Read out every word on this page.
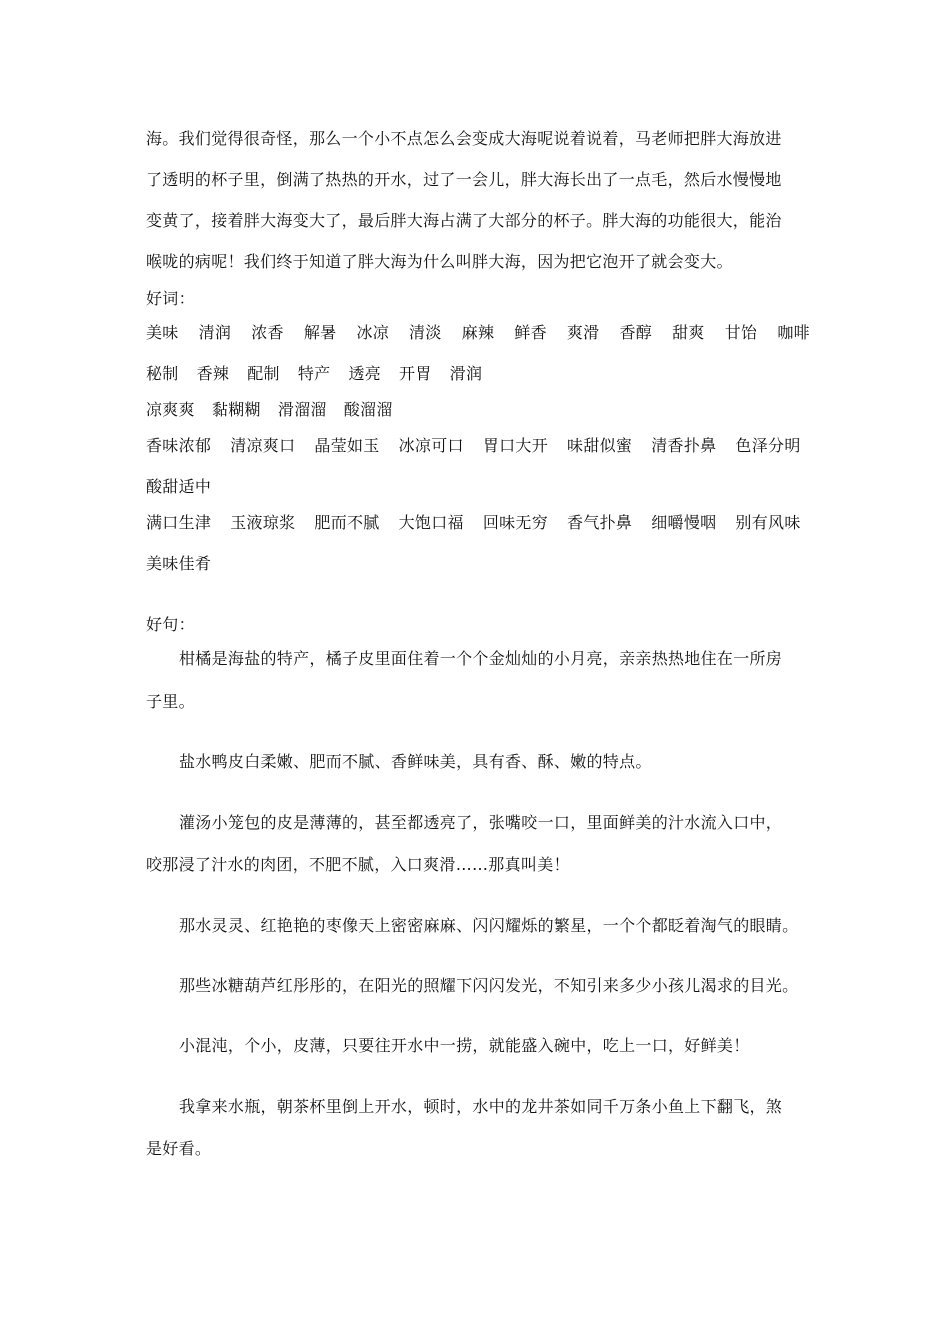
海。我们觉得很奇怪，那么一个小不点怎么会变成大海呢说着说着，马老师把胖大海放进

了透明的杯子里，倒满了热热的开水，过了一会儿，胖大海长出了一点毛，然后水慢慢地

变黄了，接着胖大海变大了，最后胖大海占满了大部分的杯子。胖大海的功能很大，能治

喉咙的病呢！我们终于知道了胖大海为什么叫胖大海，因为把它泡开了就会变大。

好词：

美味 清润 浓香 解暑 冰凉 清淡 麻辣 鲜香 爽滑 香醇 甜爽 甘饴 咖啡
秘制 香辣 配制 特产 透亮 开胃 滑润
凉爽爽 黏糊糊 滑溜溜 酸溜溜
香味浓郁 清凉爽口 晶莹如玉 冰凉可口 胃口大开 味甜似蜜 清香扑鼻 色泽分明
酸甜适中
满口生津 玉液琼浆 肥而不腻 大饱口福 回味无穷 香气扑鼻 细嚼慢咽 别有风味
美味佳肴

好句：

柑橘是海盐的特产，橘子皮里面住着一个个金灿灿的小月亮，亲亲热热地住在一所房

子里。

盐水鸭皮白柔嫩、肥而不腻、香鲜味美，具有香、酥、嫩的特点。

灌汤小笼包的皮是薄薄的，甚至都透亮了，张嘴咬一口，里面鲜美的汁水流入口中，

咬那浸了汁水的肉团，不肥不腻，入口爽滑……那真叫美！

那水灵灵、红艳艳的枣像天上密密麻麻、闪闪耀烁的繁星，一个个都眨着淘气的眼睛。

那些冰糖葫芦红彤彤的，在阳光的照耀下闪闪发光，不知引来多少小孩儿渴求的目光。

小混沌，个小，皮薄，只要往开水中一捞，就能盛入碗中，吃上一口，好鲜美！

我拿来水瓶，朝茶杯里倒上开水，顿时，水中的龙井茶如同千万条小鱼上下翻飞，煞

是好看。
